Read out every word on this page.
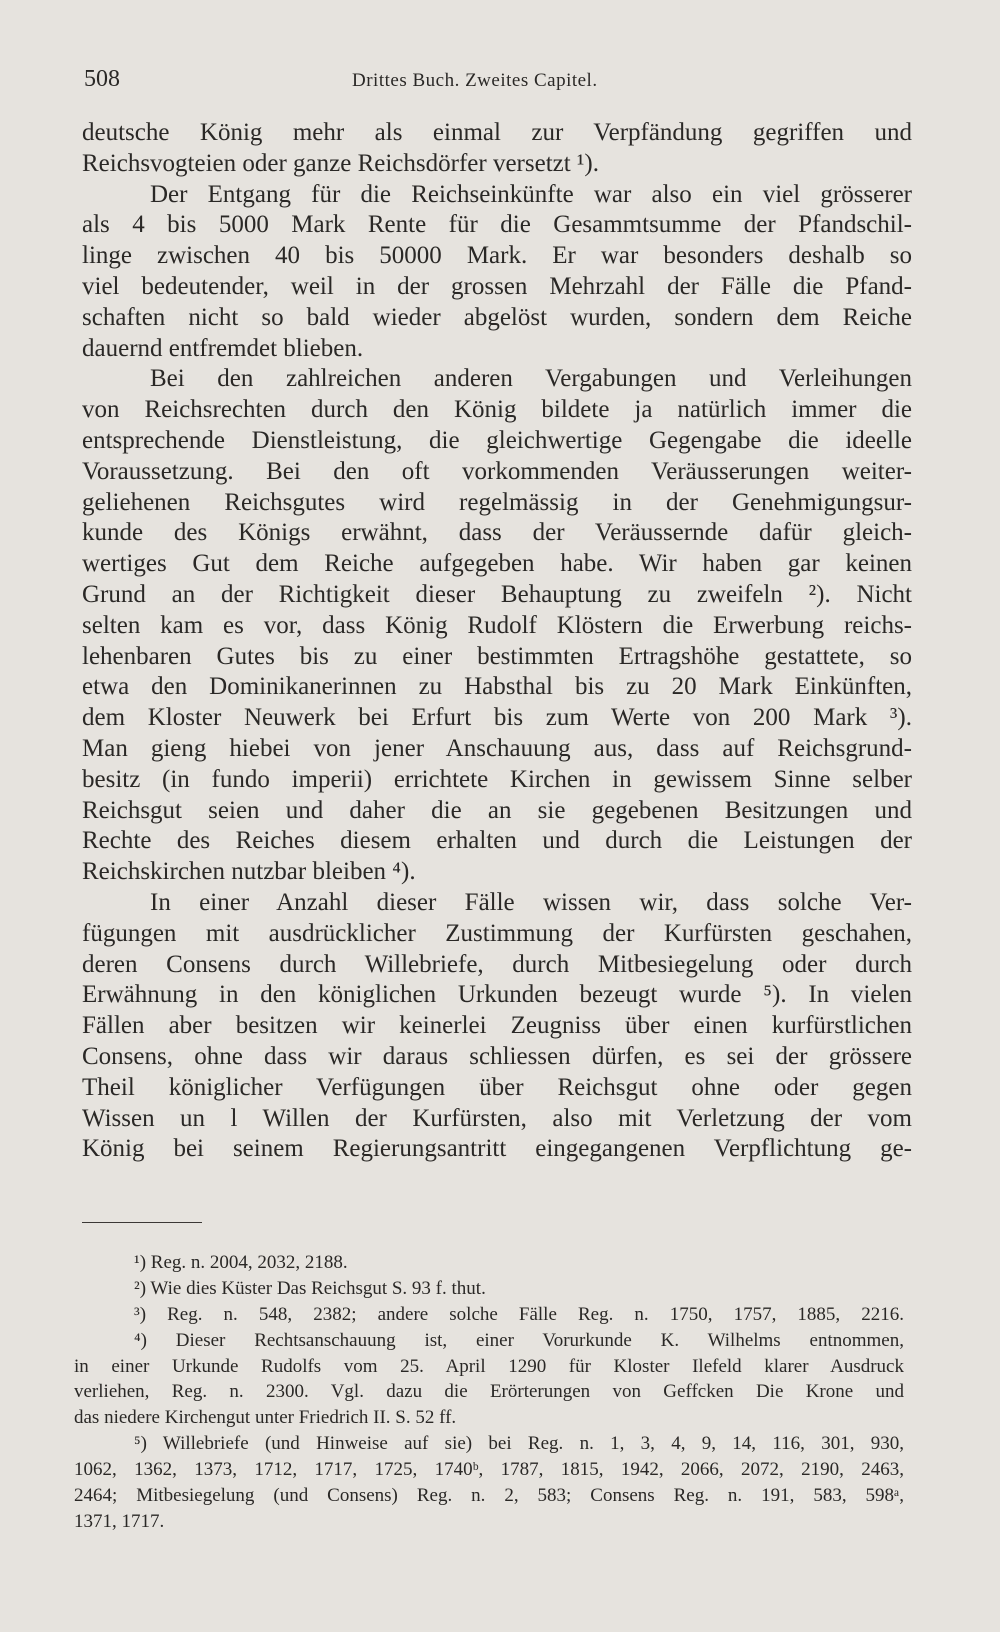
508	Drittes Buch. Zweites Capitel.
deutsche König mehr als einmal zur Verpfändung gegriffen und
Reichsvogteien oder ganze Reichsdörfer versetzt ¹).
Der Entgang für die Reichseinkünfte war also ein viel grösserer
als 4 bis 5000 Mark Rente für die Gesammtsumme der Pfandschil-
linge zwischen 40 bis 50000 Mark. Er war besonders deshalb so
viel bedeutender, weil in der grossen Mehrzahl der Fälle die Pfand-
schaften nicht so bald wieder abgelöst wurden, sondern dem Reiche
dauernd entfremdet blieben.
Bei den zahlreichen anderen Vergabungen und Verleihungen
von Reichsrechten durch den König bildete ja natürlich immer die
entsprechende Dienstleistung, die gleichwertige Gegengabe die ideelle
Voraussetzung. Bei den oft vorkommenden Veräusserungen weiter-
geliehenen Reichsgutes wird regelmässig in der Genehmigungsur-
kunde des Königs erwähnt, dass der Veräussernde dafür gleich-
wertiges Gut dem Reiche aufgegeben habe. Wir haben gar keinen
Grund an der Richtigkeit dieser Behauptung zu zweifeln ²). Nicht
selten kam es vor, dass König Rudolf Klöstern die Erwerbung reichs-
lehenbaren Gutes bis zu einer bestimmten Ertragshöhe gestattete, so
etwa den Dominikanerinnen zu Habsthal bis zu 20 Mark Einkünften,
dem Kloster Neuwerk bei Erfurt bis zum Werte von 200 Mark ³).
Man gieng hiebei von jener Anschauung aus, dass auf Reichsgrund-
besitz (in fundo imperii) errichtete Kirchen in gewissem Sinne selber
Reichsgut seien und daher die an sie gegebenen Besitzungen und
Rechte des Reiches diesem erhalten und durch die Leistungen der
Reichskirchen nutzbar bleiben ⁴).
In einer Anzahl dieser Fälle wissen wir, dass solche Ver-
fügungen mit ausdrücklicher Zustimmung der Kurfürsten geschahen,
deren Consens durch Willebriefe, durch Mitbesiegelung oder durch
Erwähnung in den königlichen Urkunden bezeugt wurde ⁵). In vielen
Fällen aber besitzen wir keinerlei Zeugniss über einen kurfürstlichen
Consens, ohne dass wir daraus schliessen dürfen, es sei der grössere
Theil königlicher Verfügungen über Reichsgut ohne oder gegen
Wissen un l Willen der Kurfürsten, also mit Verletzung der vom
König bei seinem Regierungsantritt eingegangenen Verpflichtung ge-
¹) Reg. n. 2004, 2032, 2188.
²) Wie dies Küster Das Reichsgut S. 93 f. thut.
³) Reg. n. 548, 2382; andere solche Fälle Reg. n. 1750, 1757, 1885, 2216.
⁴) Dieser Rechtsanschauung ist, einer Vorurkunde K. Wilhelms entnommen,
in einer Urkunde Rudolfs vom 25. April 1290 für Kloster Ilefeld klarer Ausdruck
verliehen, Reg. n. 2300. Vgl. dazu die Erörterungen von Geffcken Die Krone und
das niedere Kirchengut unter Friedrich II. S. 52 ff.
⁵) Willebriefe (und Hinweise auf sie) bei Reg. n. 1, 3, 4, 9, 14, 116, 301, 930,
1062, 1362, 1373, 1712, 1717, 1725, 1740ᵇ, 1787, 1815, 1942, 2066, 2072, 2190, 2463,
2464; Mitbesiegelung (und Consens) Reg. n. 2, 583; Consens Reg. n. 191, 583, 598ᵃ,
1371, 1717.
